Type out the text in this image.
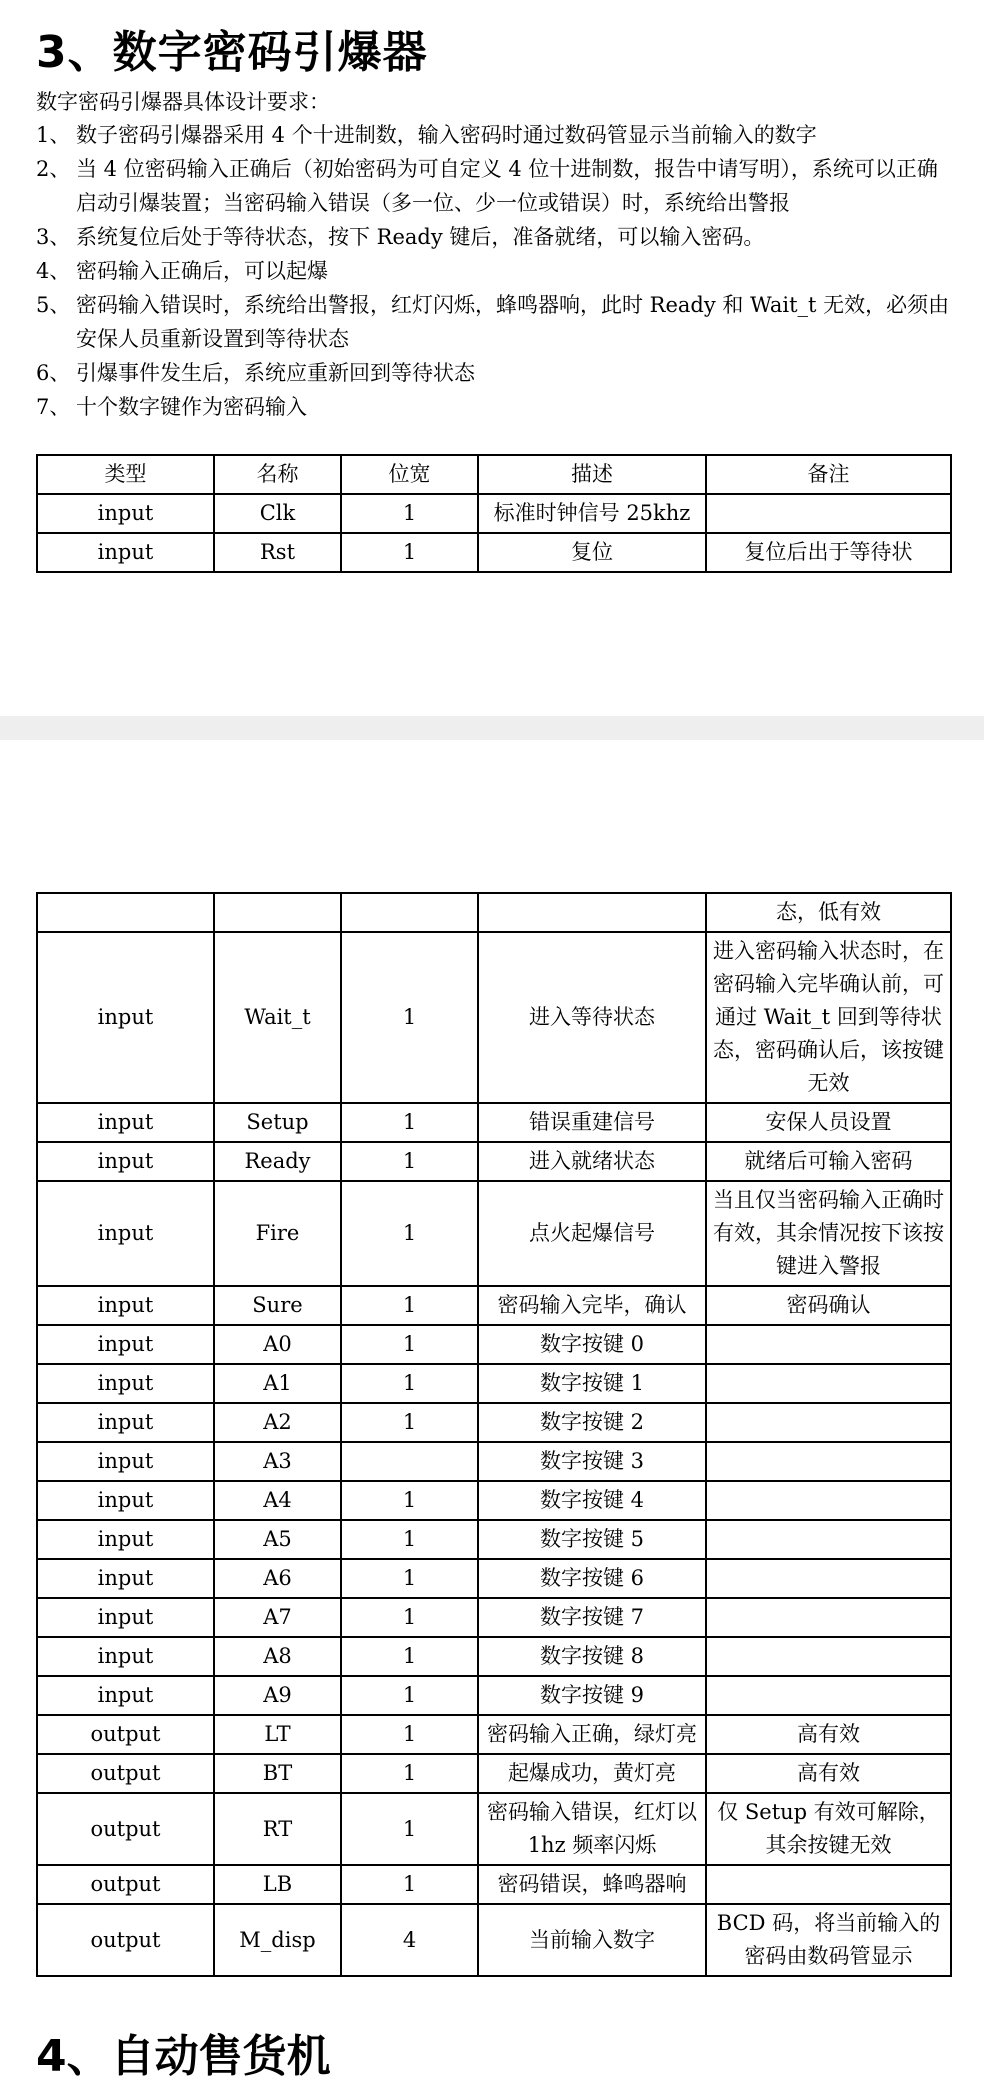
3、数字密码引爆器
数字密码引爆器具体设计要求：
1、 数子密码引爆器采用 4 个十进制数，输入密码时通过数码管显示当前输入的数字
2、 当 4 位密码输入正确后（初始密码为可自定义 4 位十进制数，报告中请写明），系统可以正确启动引爆装置；当密码输入错误（多一位、少一位或错误）时，系统给出警报
3、 系统复位后处于等待状态，按下 Ready 键后，准备就绪，可以输入密码。
4、 密码输入正确后，可以起爆
5、 密码输入错误时，系统给出警报，红灯闪烁，蜂鸣器响，此时 Ready 和 Wait_t 无效，必须由安保人员重新设置到等待状态
6、 引爆事件发生后，系统应重新回到等待状态
7、 十个数字键作为密码输入
类型	名称	位宽	描述	备注
input	Clk	1	标准时钟信号 25khz	
input	Rst	1	复位	复位后出于等待状
				态，低有效
input	Wait_t	1	进入等待状态	进入密码输入状态时，在密码输入完毕确认前，可通过 Wait_t 回到等待状态，密码确认后，该按键无效
input	Setup	1	错误重建信号	安保人员设置
input	Ready	1	进入就绪状态	就绪后可输入密码
input	Fire	1	点火起爆信号	当且仅当密码输入正确时有效，其余情况按下该按键进入警报
input	Sure	1	密码输入完毕，确认	密码确认
input	A0	1	数字按键 0	
input	A1	1	数字按键 1	
input	A2	1	数字按键 2	
input	A3		数字按键 3	
input	A4	1	数字按键 4	
input	A5	1	数字按键 5	
input	A6	1	数字按键 6	
input	A7	1	数字按键 7	
input	A8	1	数字按键 8	
input	A9	1	数字按键 9	
output	LT	1	密码输入正确，绿灯亮	高有效
output	BT	1	起爆成功，黄灯亮	高有效
output	RT	1	密码输入错误，红灯以 1hz 频率闪烁	仅 Setup 有效可解除，其余按键无效
output	LB	1	密码错误，蜂鸣器响	
output	M_disp	4	当前输入数字	BCD 码，将当前输入的密码由数码管显示
4、自动售货机
